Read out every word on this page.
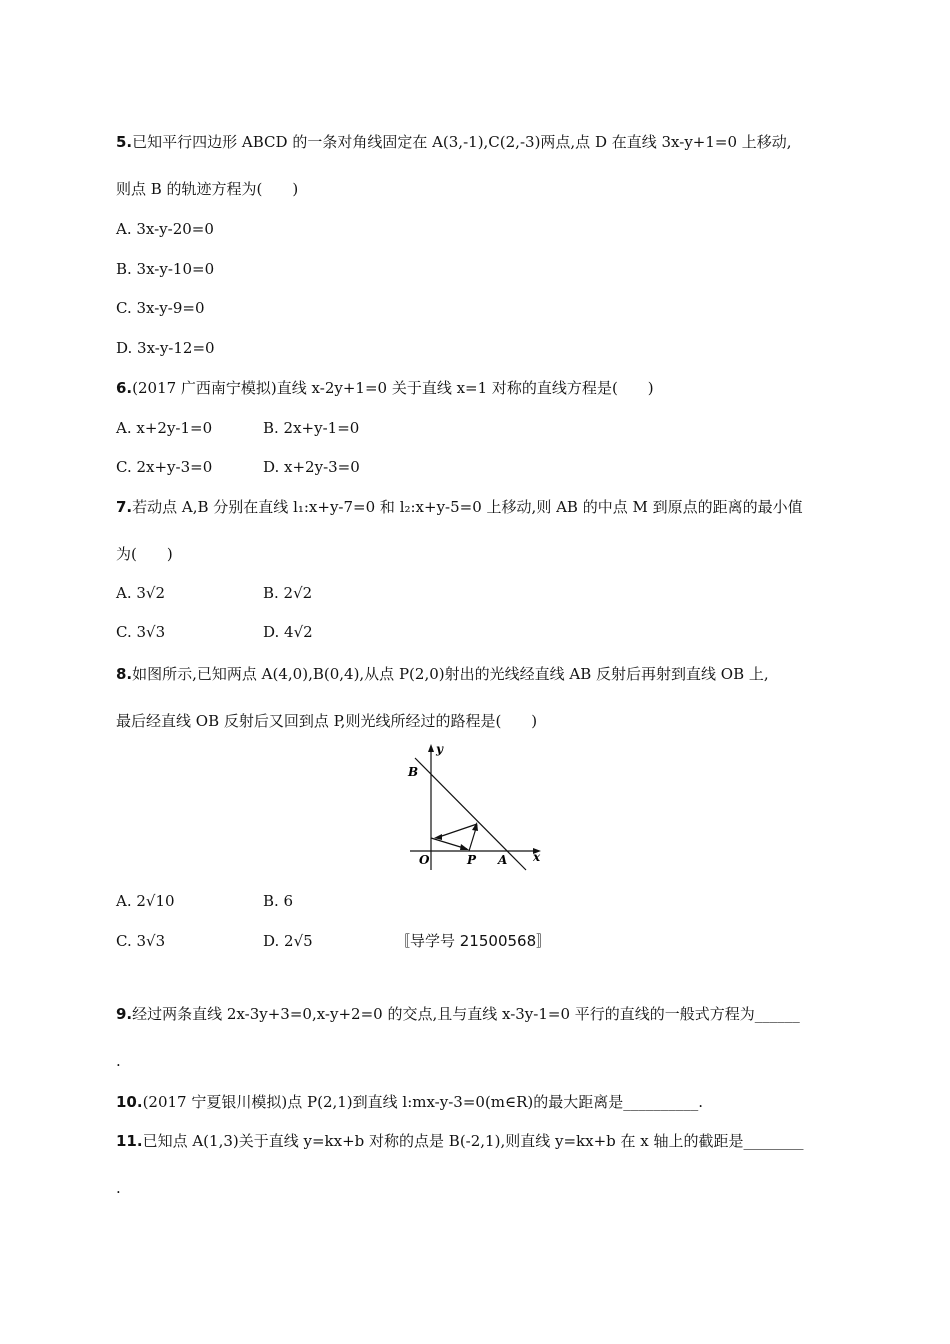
5.已知平行四边形 ABCD 的一条对角线固定在 A(3,-1),C(2,-3)两点,点 D 在直线 3x-y+1=0 上移动,
则点 B 的轨迹方程为(　　)
A. 3x-y-20=0
B. 3x-y-10=0
C. 3x-y-9=0
D. 3x-y-12=0
6.(2017 广西南宁模拟)直线 x-2y+1=0 关于直线 x=1 对称的直线方程是(　　)
A. x+2y-1=0	B. 2x+y-1=0
C. 2x+y-3=0	D. x+2y-3=0
7.若动点 A,B 分别在直线 l₁:x+y-7=0 和 l₂:x+y-5=0 上移动,则 AB 的中点 M 到原点的距离的最小值
为(　　)
A. 3√2	B. 2√2
C. 3√3	D. 4√2
8.如图所示,已知两点 A(4,0),B(0,4),从点 P(2,0)射出的光线经直线 AB 反射后再射到直线 OB 上,
最后经直线 OB 反射后又回到点 P,则光线所经过的路程是(　　)
y
B
O	P A x
A. 2√10	B. 6
C. 3√3	D. 2√5	〚导学号 21500568〛
9.经过两条直线 2x-3y+3=0,x-y+2=0 的交点,且与直线 x-3y-1=0 平行的直线的一般式方程为______
.
10.(2017 宁夏银川模拟)点 P(2,1)到直线 l:mx-y-3=0(m∈R)的最大距离是__________.
11.已知点 A(1,3)关于直线 y=kx+b 对称的点是 B(-2,1),则直线 y=kx+b 在 x 轴上的截距是________
.
